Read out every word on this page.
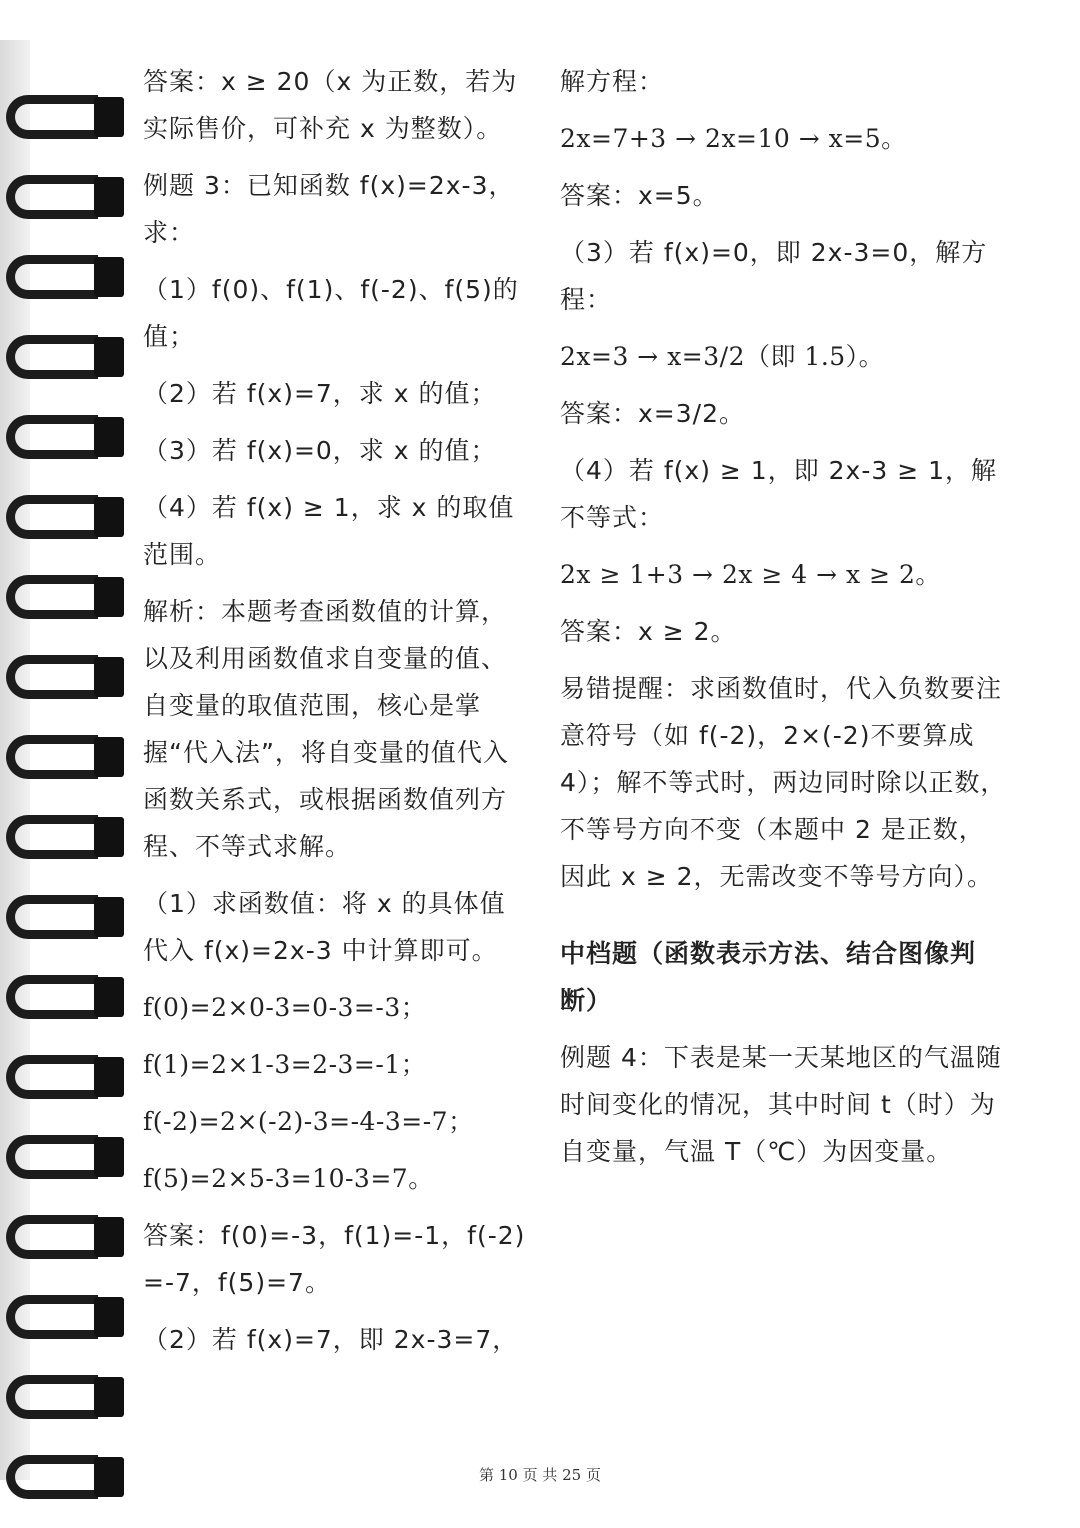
答案：x ≥ 20（x 为正数，若为实际售价，可补充 x 为整数）。

例题 3：已知函数 f(x)=2x-3，求：

（1）f(0)、f(1)、f(-2)、f(5)的值；

（2）若 f(x)=7，求 x 的值；

（3）若 f(x)=0，求 x 的值；

（4）若 f(x) ≥ 1，求 x 的取值范围。

解析：本题考查函数值的计算，以及利用函数值求自变量的值、自变量的取值范围，核心是掌握“代入法”，将自变量的值代入函数关系式，或根据函数值列方程、不等式求解。

（1）求函数值：将 x 的具体值代入 f(x)=2x-3 中计算即可。

f(0)=2×0-3=0-3=-3；

f(1)=2×1-3=2-3=-1；

f(-2)=2×(-2)-3=-4-3=-7；

f(5)=2×5-3=10-3=7。

答案：f(0)=-3，f(1)=-1，f(-2)=-7，f(5)=7。

（2）若 f(x)=7，即 2x-3=7，

解方程：

2x=7+3 → 2x=10 → x=5。

答案：x=5。

（3）若 f(x)=0，即 2x-3=0，解方程：

2x=3 → x=3/2（即 1.5）。

答案：x=3/2。

（4）若 f(x) ≥ 1，即 2x-3 ≥ 1，解不等式：

2x ≥ 1+3 → 2x ≥ 4 → x ≥ 2。

答案：x ≥ 2。

易错提醒：求函数值时，代入负数要注意符号（如 f(-2)，2×(-2)不要算成 4）；解不等式时，两边同时除以正数，不等号方向不变（本题中 2 是正数，因此 x ≥ 2，无需改变不等号方向）。

中档题（函数表示方法、结合图像判断）

例题 4：下表是某一天某地区的气温随时间变化的情况，其中时间 t（时）为自变量，气温 T（℃）为因变量。

第 10 页 共 25 页
